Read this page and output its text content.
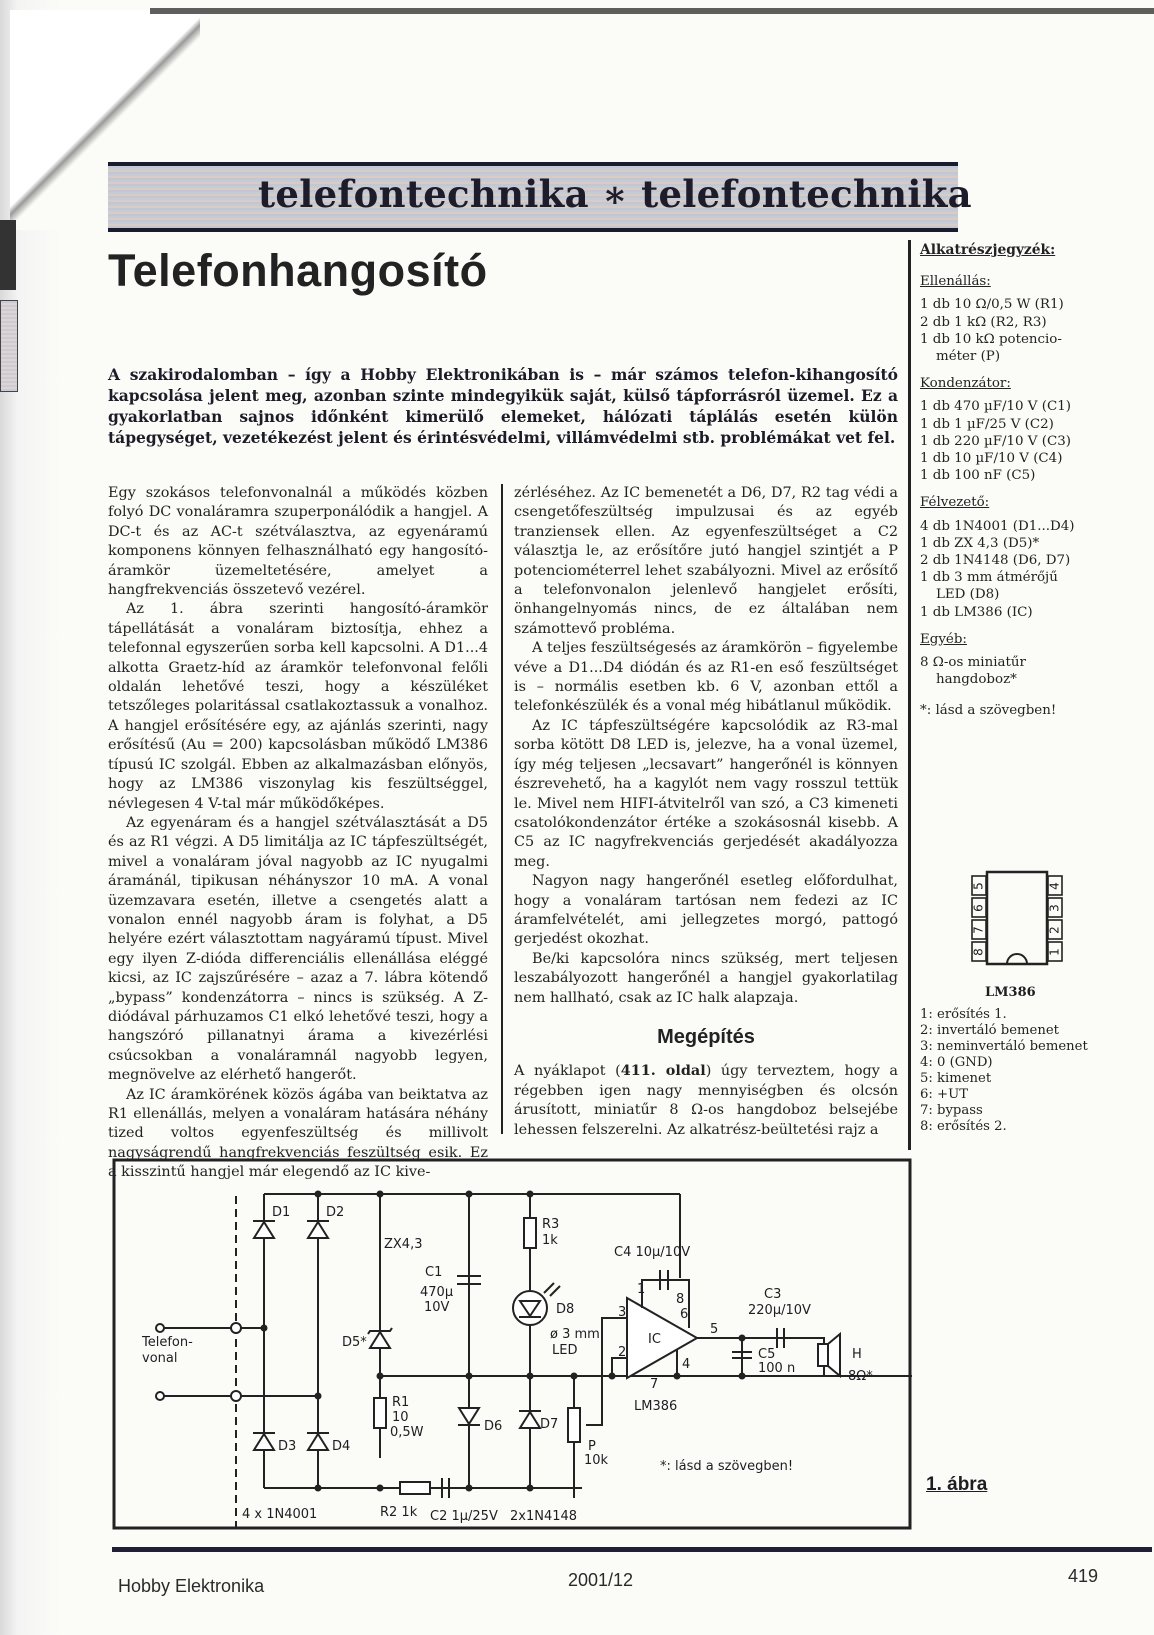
telefontechnika ∗ telefontechnika
Telefonhangosító
A szakirodalomban – így a Hobby Elektronikában is – már számos telefon-kihangosító kapcsolása jelent meg, azonban szinte mindegyikük saját, külső tápforrásról üzemel. Ez a gyakorlatban sajnos időnként kimerülő elemeket, hálózati táplálás esetén külön tápegységet, vezetékezést jelent és érintésvédelmi, villámvédelmi stb. problémákat vet fel.

Egy szokásos telefonvonalnál a működés közben folyó DC vonaláramra szuperponálódik a hangjel. A DC-t és az AC-t szétválasztva, az egyenáramú komponens könnyen felhasználható egy hangosító-áramkör üzemeltetésére, amelyet a hangfrekvenciás összetevő vezérel.

Az 1. ábra szerinti hangosító-áramkör tápellátását a vonaláram biztosítja, ehhez a telefonnal egyszerűen sorba kell kapcsolni. A D1...4 alkotta Graetz-híd az áramkör telefonvonal felőli oldalán lehetővé teszi, hogy a készüléket tetszőleges polaritással csatlakoztassuk a vonalhoz. A hangjel erősítésére egy, az ajánlás szerinti, nagy erősítésű (Au = 200) kapcsolásban működő LM386 típusú IC szolgál. Ebben az alkalmazásban előnyös, hogy az LM386 viszonylag kis feszültséggel, névlegesen 4 V-tal már működőképes.

Az egyenáram és a hangjel szétválasztását a D5 és az R1 végzi. A D5 limitálja az IC tápfeszültségét, mivel a vonaláram jóval nagyobb az IC nyugalmi áramánál, tipikusan néhányszor 10 mA. A vonal üzemzavara esetén, illetve a csengetés alatt a vonalon ennél nagyobb áram is folyhat, a D5 helyére ezért választottam nagyáramú típust. Mivel egy ilyen Z-dióda differenciális ellenállása eléggé kicsi, az IC zajszűrésére – azaz a 7. lábra kötendő „bypass” kondenzátorra – nincs is szükség. A Z-diódával párhuzamos C1 elkó lehetővé teszi, hogy a hangszóró pillanatnyi árama a kivezérlési csúcsokban a vonaláramnál nagyobb legyen, megnövelve az elérhető hangerőt.

Az IC áramkörének közös ágába van beiktatva az R1 ellenállás, melyen a vonaláram hatására néhány tized voltos egyenfeszültség és millivolt nagyságrendű hangfrekvenciás feszültség esik. Ez a kisszintű hangjel már elegendő az IC kive-

zérléséhez. Az IC bemenetét a D6, D7, R2 tag védi a csengetőfeszültség impulzusai és az egyéb tranziensek ellen. Az egyenfeszültséget a C2 választja le, az erősítőre jutó hangjel szintjét a P potenciométerrel lehet szabályozni. Mivel az erősítő a telefonvonalon jelenlevő hangjelet erősíti, önhangelnyomás nincs, de ez általában nem számottevő probléma.

A teljes feszültségesés az áramkörön – figyelembe véve a D1...D4 diódán és az R1-en eső feszültséget is – normális esetben kb. 6 V, azonban ettől a telefonkészülék és a vonal még hibátlanul működik.

Az IC tápfeszültségére kapcsolódik az R3-mal sorba kötött D8 LED is, jelezve, ha a vonal üzemel, így még teljesen „lecsavart” hangerőnél is könnyen észrevehető, ha a kagylót nem vagy rosszul tettük le. Mivel nem HIFI-átvitelről van szó, a C3 kimeneti csatolókondenzátor értéke a szokásosnál kisebb. A C5 az IC nagyfrekvenciás gerjedését akadályozza meg.

Nagyon nagy hangerőnél esetleg előfordulhat, hogy a vonaláram tartósan nem fedezi az IC áramfelvételét, ami jellegzetes morgó, pattogó gerjedést okozhat.

Be/ki kapcsolóra nincs szükség, mert teljesen leszabályozott hangerőnél a hangjel gyakorlatilag nem hallható, csak az IC halk alapzaja.

Megépítés

A nyáklapot (411. oldal) úgy terveztem, hogy a régebben igen nagy mennyiségben és olcsón árusított, miniatűr 8 Ω-os hangdoboz belsejébe lehessen felszerelni. Az alkatrész-beültetési rajz a

Alkatrészjegyzék:
Ellenállás:
1 db 10 Ω/0,5 W (R1)
2 db 1 kΩ (R2, R3)
1 db 10 kΩ potencio-
méter (P)
Kondenzátor:
1 db 470 µF/10 V (C1)
1 db 1 µF/25 V (C2)
1 db 220 µF/10 V (C3)
1 db 10 µF/10 V (C4)
1 db 100 nF (C5)
Félvezető:
4 db 1N4001 (D1...D4)
1 db ZX 4,3 (D5)*
2 db 1N4148 (D6, D7)
1 db 3 mm átmérőjű
LED (D8)
1 db LM386 (IC)
Egyéb:
8 Ω-os miniatűr
hangdoboz*
*: lásd a szövegben!
5
6
7
8
4
3
2
1
LM386
1: erősítés 1.
2: invertáló bemenet
3: neminvertáló bemenet
4: 0 (GND)
5: kimenet
6: +UT
7: bypass
8: erősítés 2.
Telefon-
vonal
D1	D2
D3	D4
4 x 1N4001
ZX4,3
D5*
C1
470µ
10V
R1
10
0,5W
R2 1k C2 1µ/25V 2x1N4148
D6	D7
R3
1k
D8
ø 3 mm
LED
P
10k
C4 10µ/10V
IC
LM386
1
2
3
4
5
6
7
8	C3
220µ/10V
C5
100 n
H
8Ω*
*: lásd a szövegben!
1. ábra
Hobby Elektronika	2001/12	419
